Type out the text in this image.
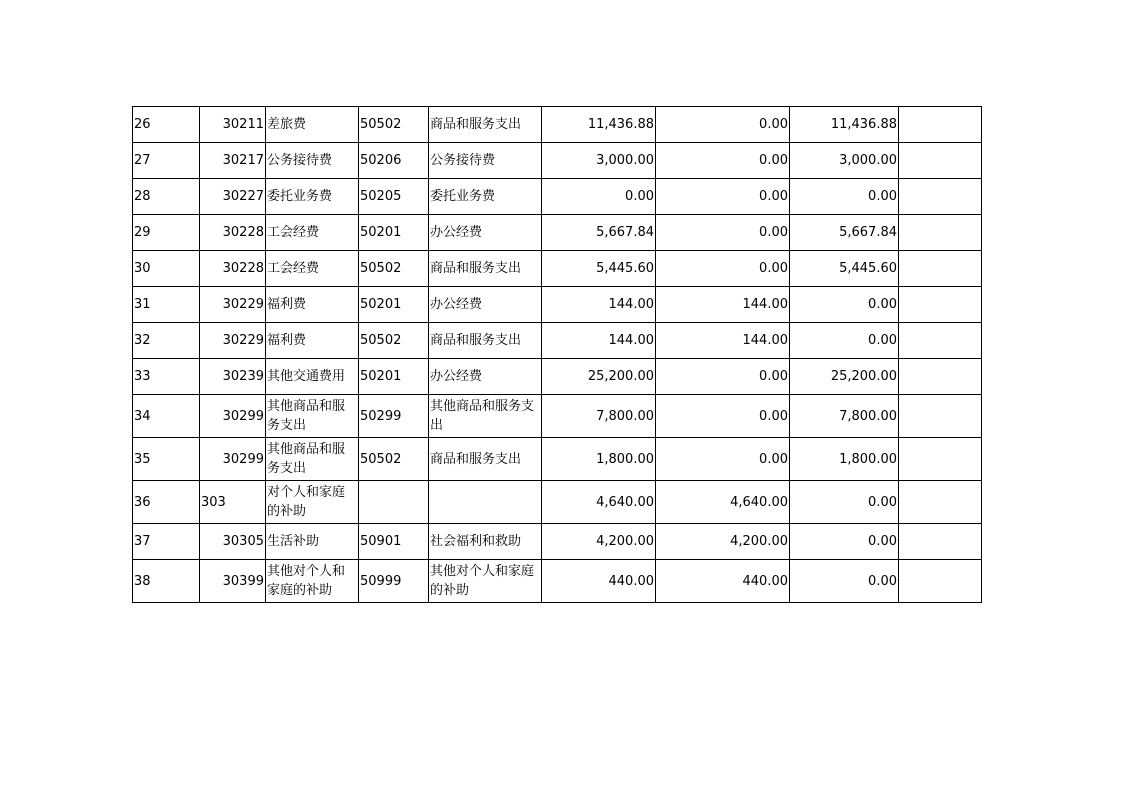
26	30211	差旅费	50502	商品和服务支出	11,436.88	0.00	11,436.88	
27	30217	公务接待费	50206	公务接待费	3,000.00	0.00	3,000.00	
28	30227	委托业务费	50205	委托业务费	0.00	0.00	0.00	
29	30228	工会经费	50201	办公经费	5,667.84	0.00	5,667.84	
30	30228	工会经费	50502	商品和服务支出	5,445.60	0.00	5,445.60	
31	30229	福利费	50201	办公经费	144.00	144.00	0.00	
32	30229	福利费	50502	商品和服务支出	144.00	144.00	0.00	
33	30239	其他交通费用	50201	办公经费	25,200.00	0.00	25,200.00	
34	30299	其他商品和服务支出	50299	其他商品和服务支出	7,800.00	0.00	7,800.00	
35	30299	其他商品和服务支出	50502	商品和服务支出	1,800.00	0.00	1,800.00	
36	303	对个人和家庭的补助			4,640.00	4,640.00	0.00	
37	30305	生活补助	50901	社会福利和救助	4,200.00	4,200.00	0.00	
38	30399	其他对个人和家庭的补助	50999	其他对个人和家庭的补助	440.00	440.00	0.00	
